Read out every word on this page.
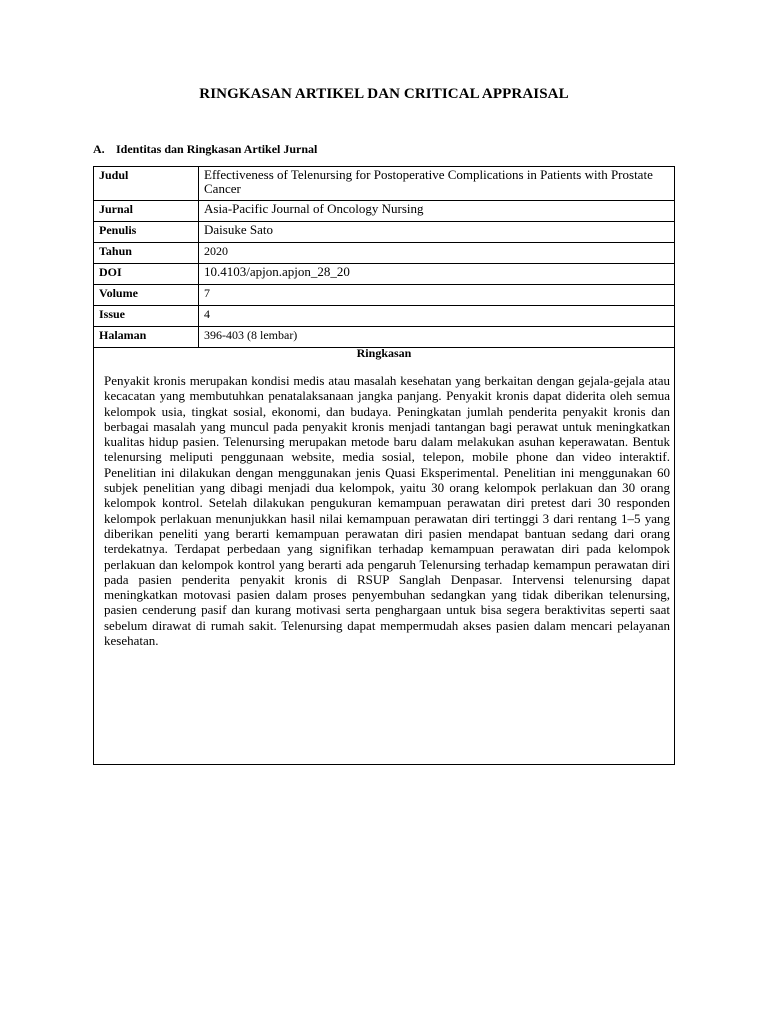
RINGKASAN ARTIKEL DAN CRITICAL APPRAISAL
A. Identitas dan Ringkasan Artikel Jurnal
Judul	Effectiveness of Telenursing for Postoperative Complications in Patients with Prostate Cancer
Jurnal	Asia-Pacific Journal of Oncology Nursing
Penulis	Daisuke Sato
Tahun	2020
DOI	10.4103/apjon.apjon_28_20
Volume	7
Issue	4
Halaman	396-403 (8 lembar)
Ringkasan
Penyakit kronis merupakan kondisi medis atau masalah kesehatan yang berkaitan dengan gejala-gejala atau kecacatan yang membutuhkan penatalaksanaan jangka panjang. Penyakit kronis dapat diderita oleh semua kelompok usia, tingkat sosial, ekonomi, dan budaya. Peningkatan jumlah penderita penyakit kronis dan berbagai masalah yang muncul pada penyakit kronis menjadi tantangan bagi perawat untuk meningkatkan kualitas hidup pasien. Telenursing merupakan metode baru dalam melakukan asuhan keperawatan. Bentuk telenursing meliputi penggunaan website, media sosial, telepon, mobile phone dan video interaktif. Penelitian ini dilakukan dengan menggunakan jenis Quasi Eksperimental. Penelitian ini menggunakan 60 subjek penelitian yang dibagi menjadi dua kelompok, yaitu 30 orang kelompok perlakuan dan 30 orang kelompok kontrol. Setelah dilakukan pengukuran kemampuan perawatan diri pretest dari 30 responden kelompok perlakuan menunjukkan hasil nilai kemampuan perawatan diri tertinggi 3 dari rentang 1–5 yang diberikan peneliti yang berarti kemampuan perawatan diri pasien mendapat bantuan sedang dari orang terdekatnya. Terdapat perbedaan yang signifikan terhadap kemampuan perawatan diri pada kelompok perlakuan dan kelompok kontrol yang berarti ada pengaruh Telenursing terhadap kemampun perawatan diri pada pasien penderita penyakit kronis di RSUP Sanglah Denpasar. Intervensi telenursing dapat meningkatkan motovasi pasien dalam proses penyembuhan sedangkan yang tidak diberikan telenursing, pasien cenderung pasif dan kurang motivasi serta penghargaan untuk bisa segera beraktivitas seperti saat sebelum dirawat di rumah sakit. Telenursing dapat mempermudah akses pasien dalam mencari pelayanan kesehatan.
